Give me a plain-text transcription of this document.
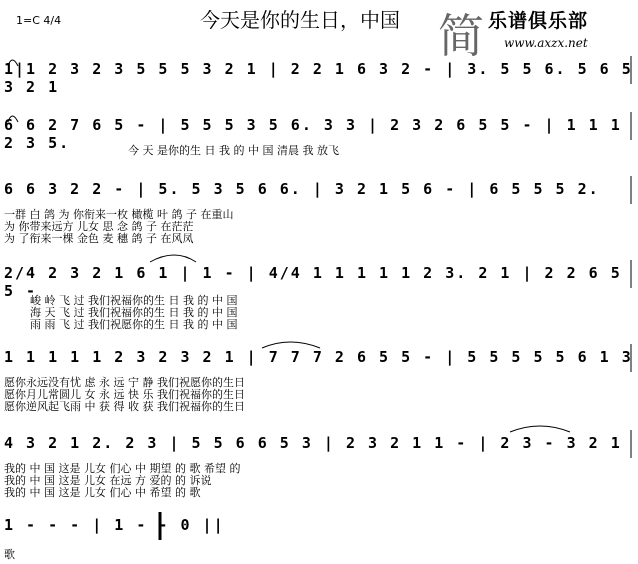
今天是你的生日，中国
1=C 4/4	简 乐谱俱乐部
www.axzx.net
1|1 2 3 2 3 5 5 5 3 2 1 | 2 2 1 6 3 2 - | 3. 5 5 6. 5 6 5 3 2 1
6 6 2 7 6 5 - | 5 5 5 3 5 6. 3 3 | 2 3 2 6 5 5 - | 1 1 1 2 3 5.	今 天 是你的生 日 我 的 中 国 清晨 我 放飞
6 6 3 2 2 - | 5. 5 3 5 6 6. | 3 2 1 5 6 - | 6 5 5 5 2.
一群 白 鸽 为 你衔来一枚 橄榄 叶 鸽 子 在重山
为 你带来远方 儿女 思 念 鸽 子 在茫茫
为 了衔来一棵 金色 麦 穗 鸽 子 在风凤
2/4 2 3 2 1 6 1 | 1 - | 4/4 1 1 1 1 1 2 3. 2 1 | 2 2 6 5 5 -
峻 岭 飞 过 我们祝福你的生 日 我 的 中 国
海 天 飞 过 我们祝福你的生 日 我 的 中 国
雨 雨 飞 过 我们祝愿你的生 日 我 的 中 国
1 1 1 1 1 2 3 2 3 2 1 | 7 7 7 2 6 5 5 - | 5 5 5 5 5 6 1 3
愿你永远没有忧 虑 永 远 宁 静 我们祝愿你的生日
愿你月儿常圆儿 女 永 远 快 乐 我们祝福你的生日
愿你逆风起飞雨 中 获 得 收 获 我们祝福你的生日
4 3 2 1 2. 2 3 | 5 5 6 6 5 3 | 2 3 2 1 1 - | 2 3 - 3 2 1
我的 中 国 这是 儿女 们心 中 期望 的 歌 希望 的
我的 中 国 这是 儿女 在远 方 爱的 的 诉说
我的 中 国 这是 儿女 们心 中 希望 的 歌
1 - - - | 1 - - 0 ||
歌
